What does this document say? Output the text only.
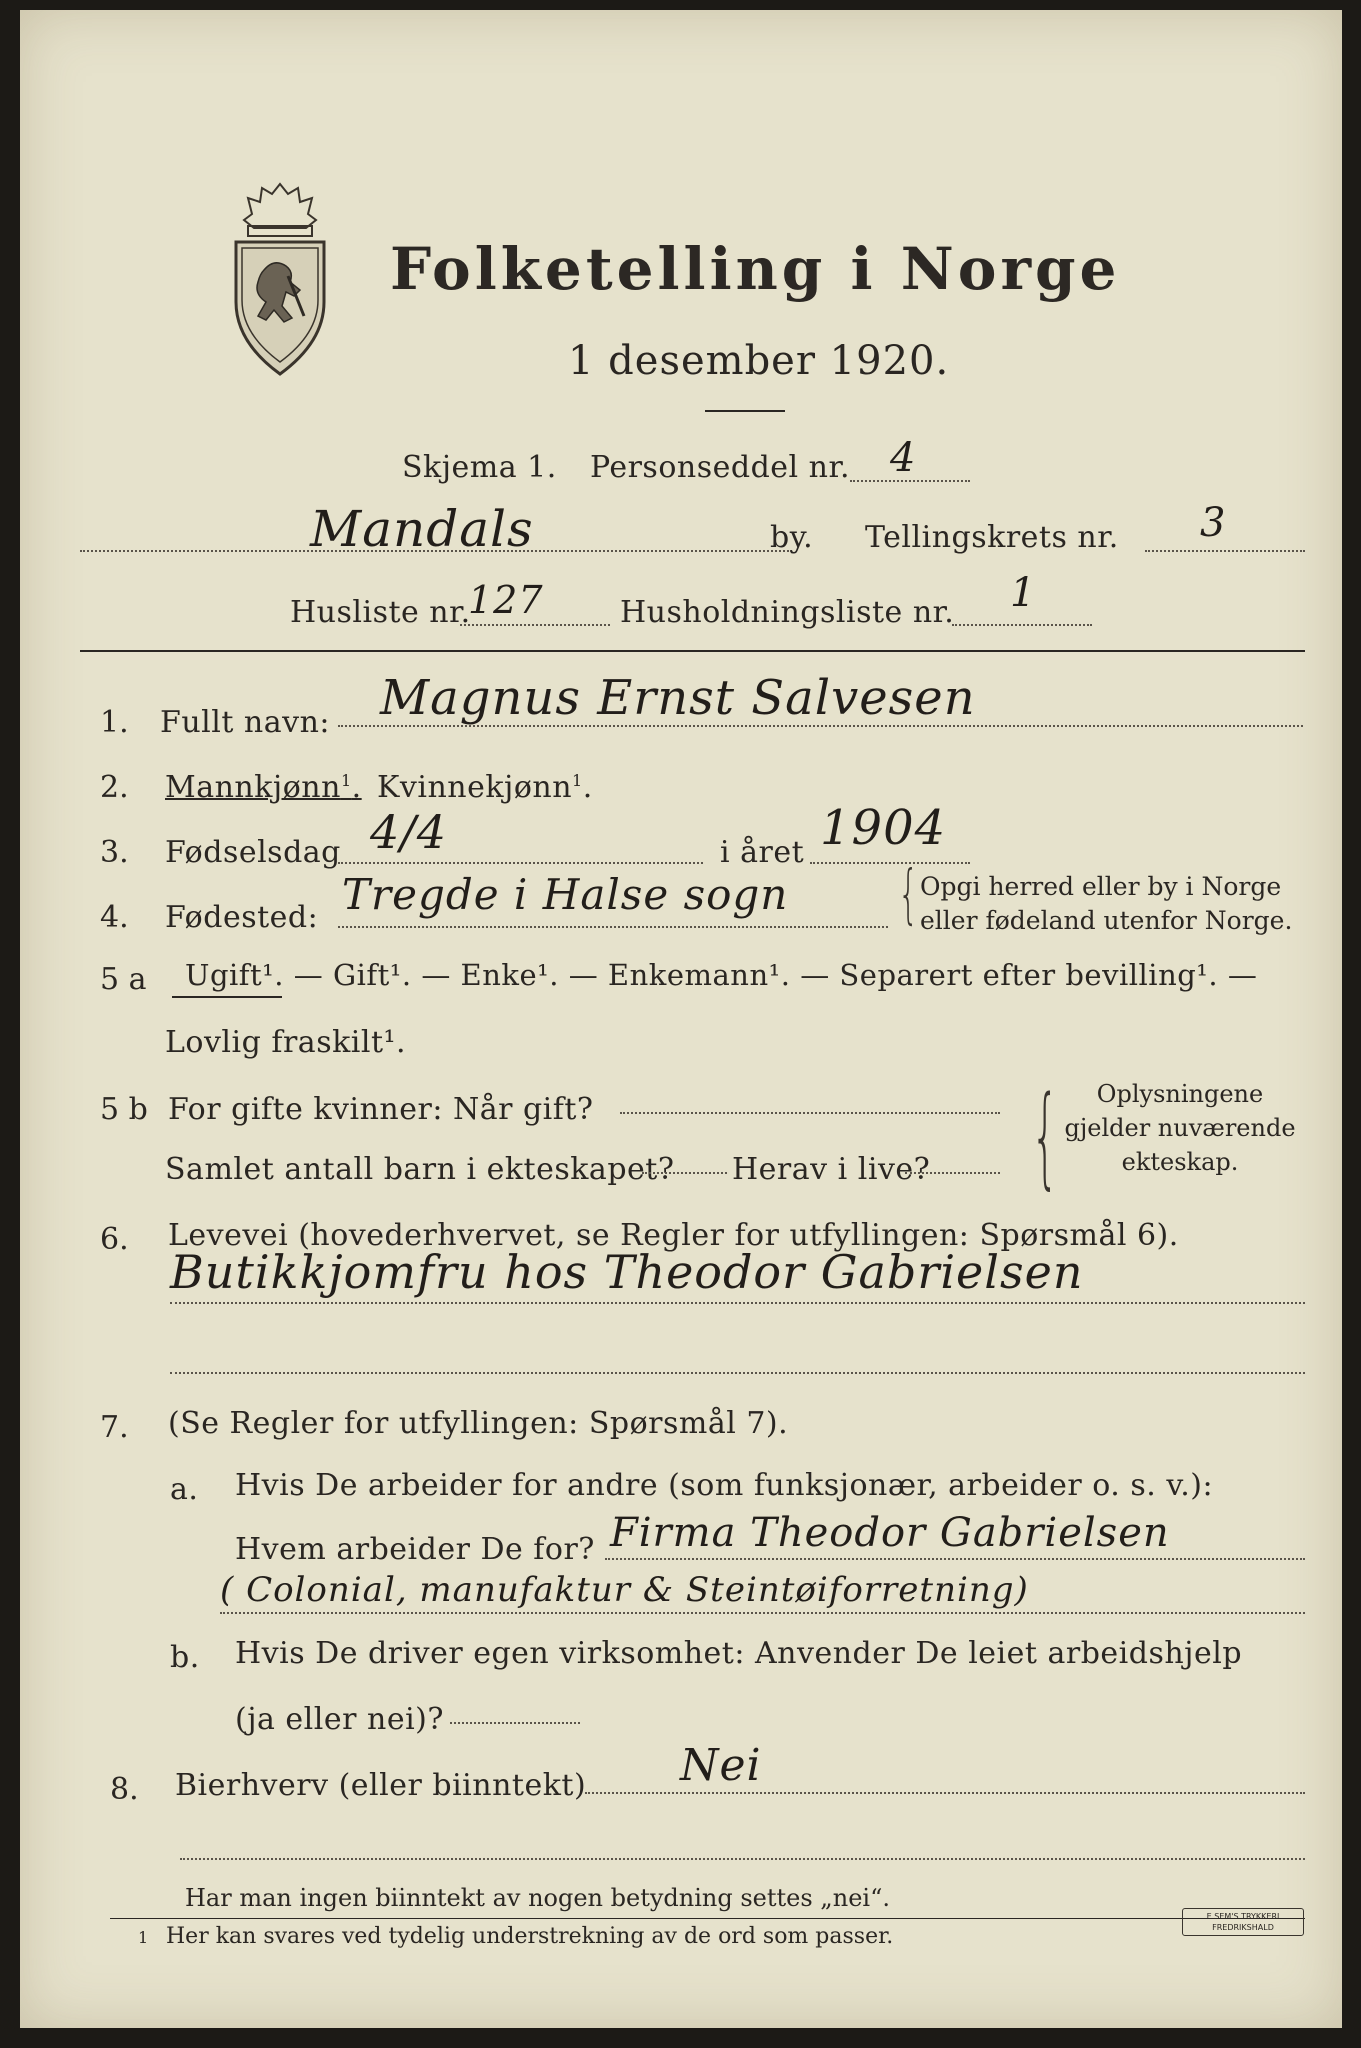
Folketelling i Norge
1 desember 1920.
Skjema 1. Personseddel nr. 4
Mandals	by. Tellingskrets nr. 3
Husliste nr.
127	Husholdningsliste nr. 1
1. Fullt navn: Magnus Ernst Salvesen
2. Mannkjønn$^1$. Kvinnekjønn$^1$.
3. Fødselsdag 4/4	i året 1904
4. Fødested: Tregde i Halse sogn { Opgi herred eller by i Norge
eller fødeland utenfor Norge.
5 a Ugift¹. — Gift¹. — Enke¹. — Enkemann¹. — Separert efter bevilling¹. —
Lovlig fraskilt¹.
5 b For gifte kvinner: Når gift?
Samlet antall barn i ekteskapet? Herav i live? {	Oplysningene
gjelder nuværende
ekteskap.
6. Levevei (hovederhvervet, se Regler for utfyllingen: Spørsmål 6).
Butikkjomfru hos Theodor Gabrielsen
7. (Se Regler for utfyllingen: Spørsmål 7).
a. Hvis De arbeider for andre (som funksjonær, arbeider o. s. v.):
Hvem arbeider De for? Firma Theodor Gabrielsen
( Colonial, manufaktur & Steintøiforretning)
b. Hvis De driver egen virksomhet: Anvender De leiet arbeidshjelp
(ja eller nei)?
8. Bierhverv (eller biinntekt) Nei
Har man ingen biinntekt av nogen betydning settes „nei“.
1 Her kan svares ved tydelig understrekning av de ord som passer.
E.SEM'S TRYKKERI
FREDRIKSHALD
